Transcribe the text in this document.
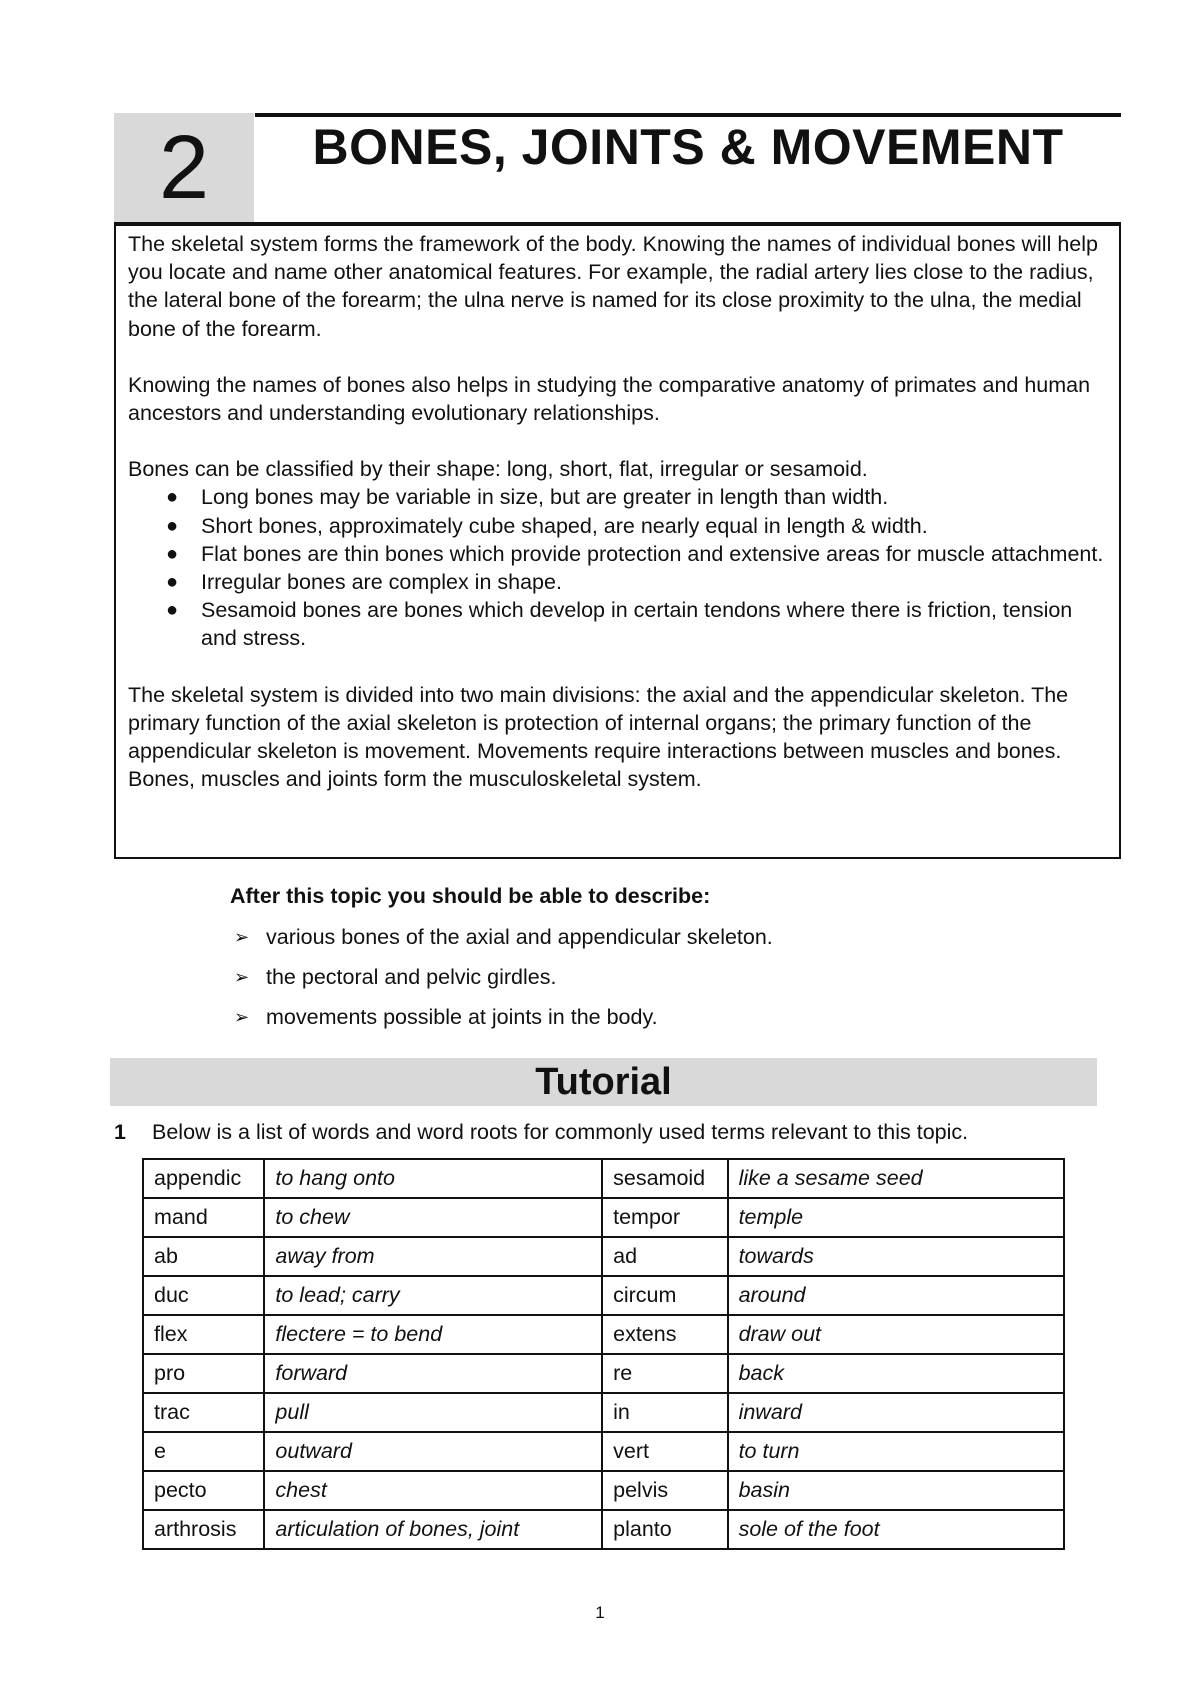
2	BONES, JOINTS & MOVEMENT

The skeletal system forms the framework of the body. Knowing the names of individual bones will help you locate and name other anatomical features. For example, the radial artery lies close to the radius, the lateral bone of the forearm; the ulna nerve is named for its close proximity to the ulna, the medial bone of the forearm.

Knowing the names of bones also helps in studying the comparative anatomy of primates and human ancestors and understanding evolutionary relationships.

Bones can be classified by their shape: long, short, flat, irregular or sesamoid.

● Long bones may be variable in size, but are greater in length than width.
● Short bones, approximately cube shaped, are nearly equal in length & width.
● Flat bones are thin bones which provide protection and extensive areas for muscle attachment.
● Irregular bones are complex in shape.
● Sesamoid bones are bones which develop in certain tendons where there is friction, tension and stress.

The skeletal system is divided into two main divisions: the axial and the appendicular skeleton. The primary function of the axial skeleton is protection of internal organs; the primary function of the appendicular skeleton is movement. Movements require interactions between muscles and bones. Bones, muscles and joints form the musculoskeletal system.

After this topic you should be able to describe:
➢ various bones of the axial and appendicular skeleton.
➢ the pectoral and pelvic girdles.
➢ movements possible at joints in the body.
Tutorial
1 Below is a list of words and word roots for commonly used terms relevant to this topic.
appendic	to hang onto	sesamoid	like a sesame seed
mand	to chew	tempor	temple
ab	away from	ad	towards
duc	to lead; carry	circum	around
flex	flectere = to bend	extens	draw out
pro	forward	re	back
trac	pull	in	inward
e	outward	vert	to turn
pecto	chest	pelvis	basin
arthrosis	articulation of bones, joint	planto	sole of the foot
1
